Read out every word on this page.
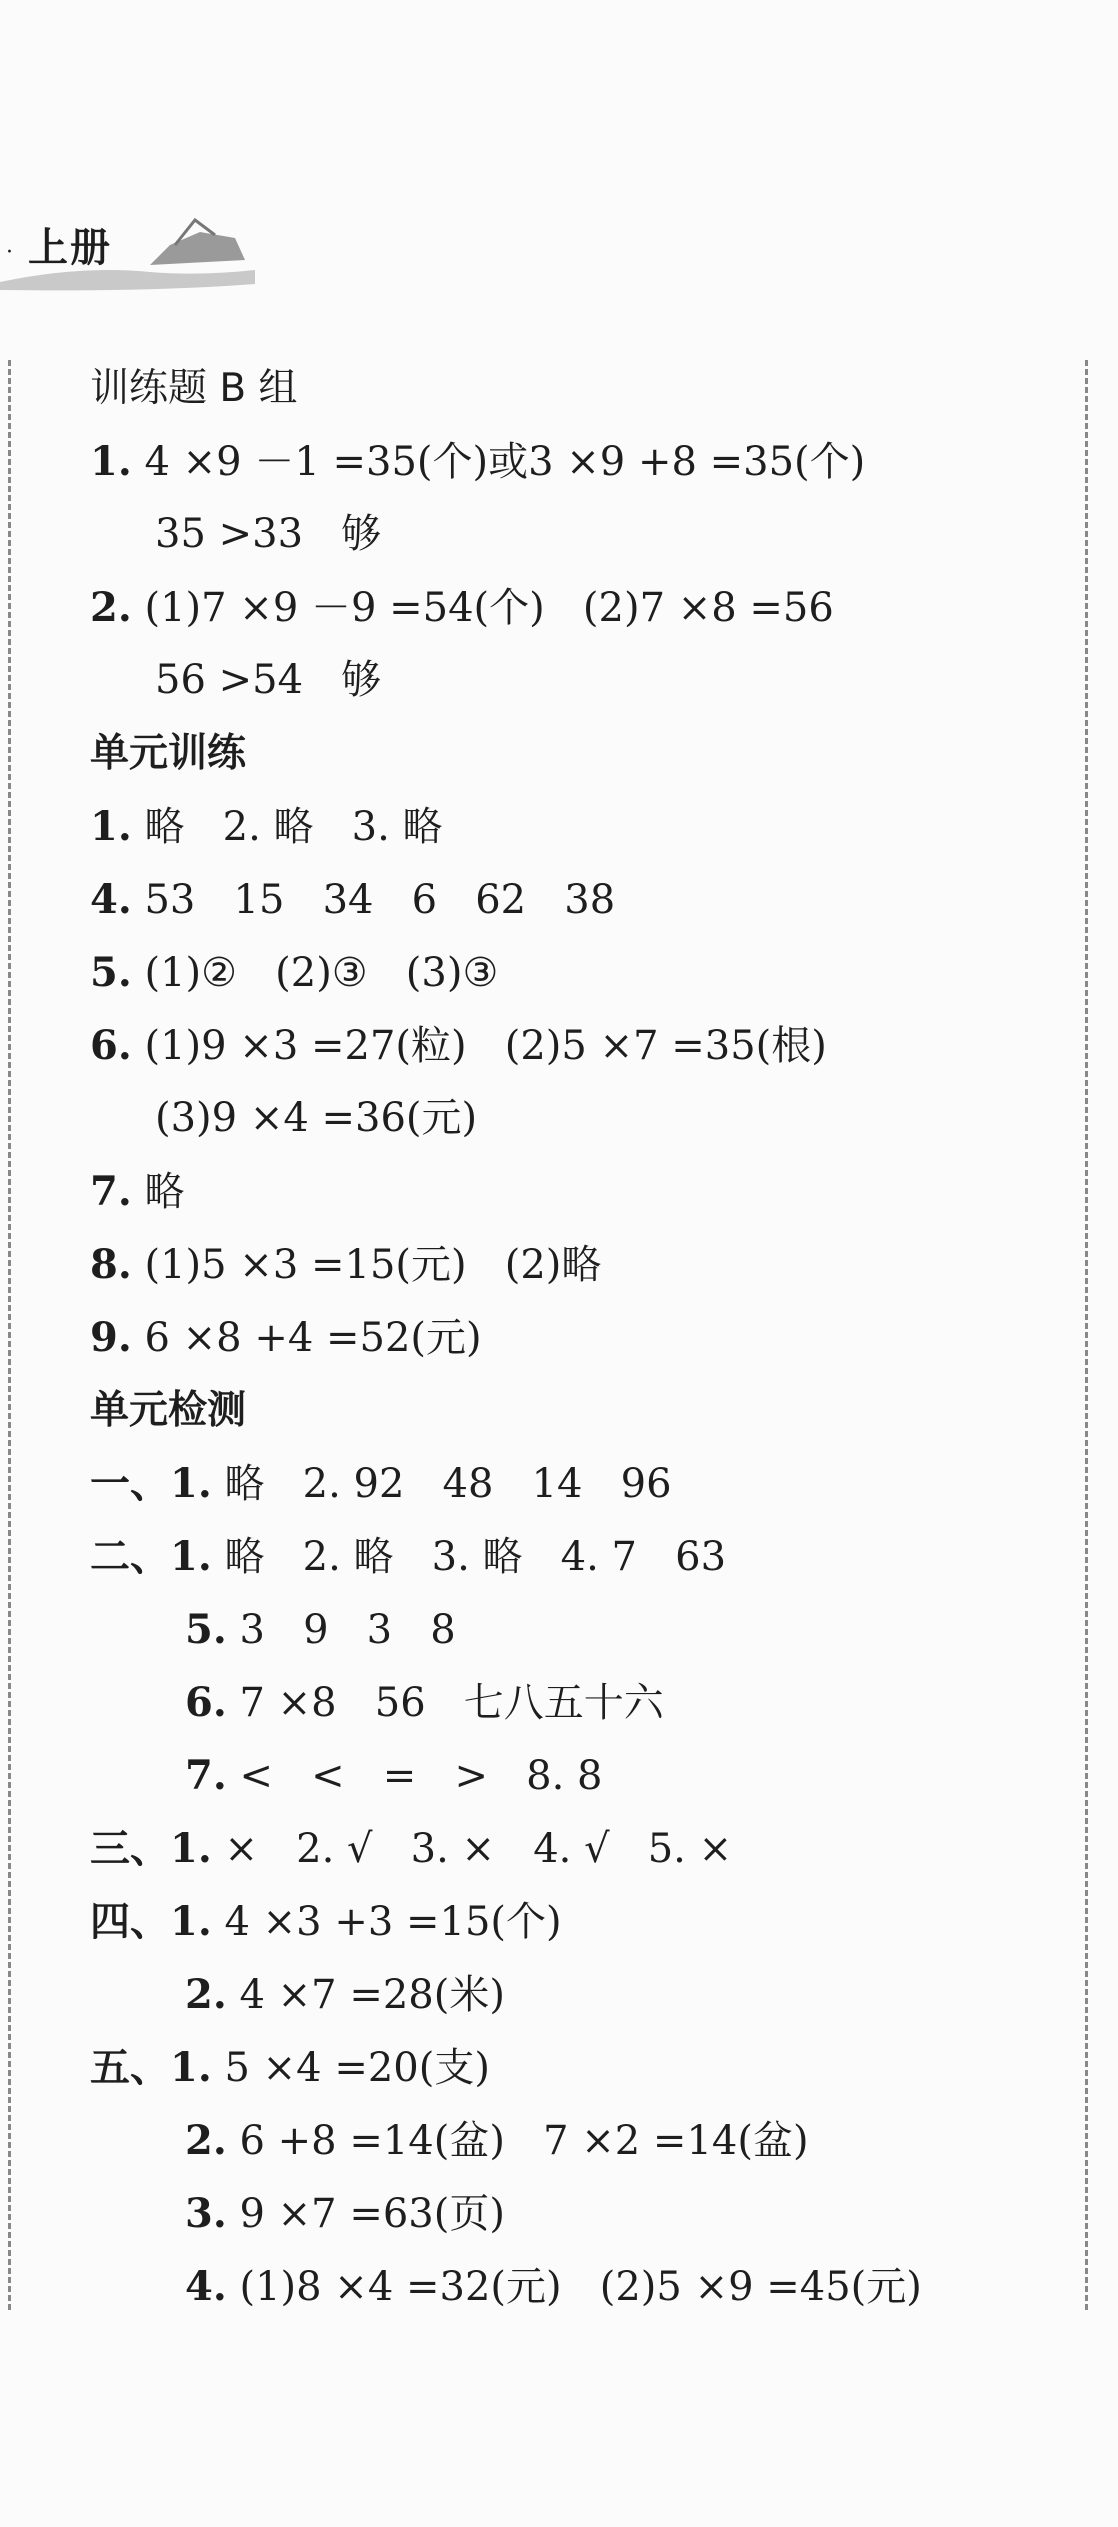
· 上册
训练题 B 组
1. 4 ×9 －1 =35(个)或3 ×9 +8 =35(个)
35 >33   够
2. (1)7 ×9 －9 =54(个)   (2)7 ×8 =56
56 >54   够
单元训练
1. 略   2. 略   3. 略
4. 53   15   34   6   62   38
5. (1)②   (2)③   (3)③
6. (1)9 ×3 =27(粒)   (2)5 ×7 =35(根)
(3)9 ×4 =36(元)
7. 略
8. (1)5 ×3 =15(元)   (2)略
9. 6 ×8 +4 =52(元)
单元检测
一、1. 略   2. 92   48   14   96
二、1. 略   2. 略   3. 略   4. 7   63
5. 3   9   3   8
6. 7 ×8   56   七八五十六
7. <   <   =   >   8. 8
三、1. ×   2. √   3. ×   4. √   5. ×
四、1. 4 ×3 +3 =15(个)
2. 4 ×7 =28(米)
五、1. 5 ×4 =20(支)
2. 6 +8 =14(盆)   7 ×2 =14(盆)
3. 9 ×7 =63(页)
4. (1)8 ×4 =32(元)   (2)5 ×9 =45(元)
